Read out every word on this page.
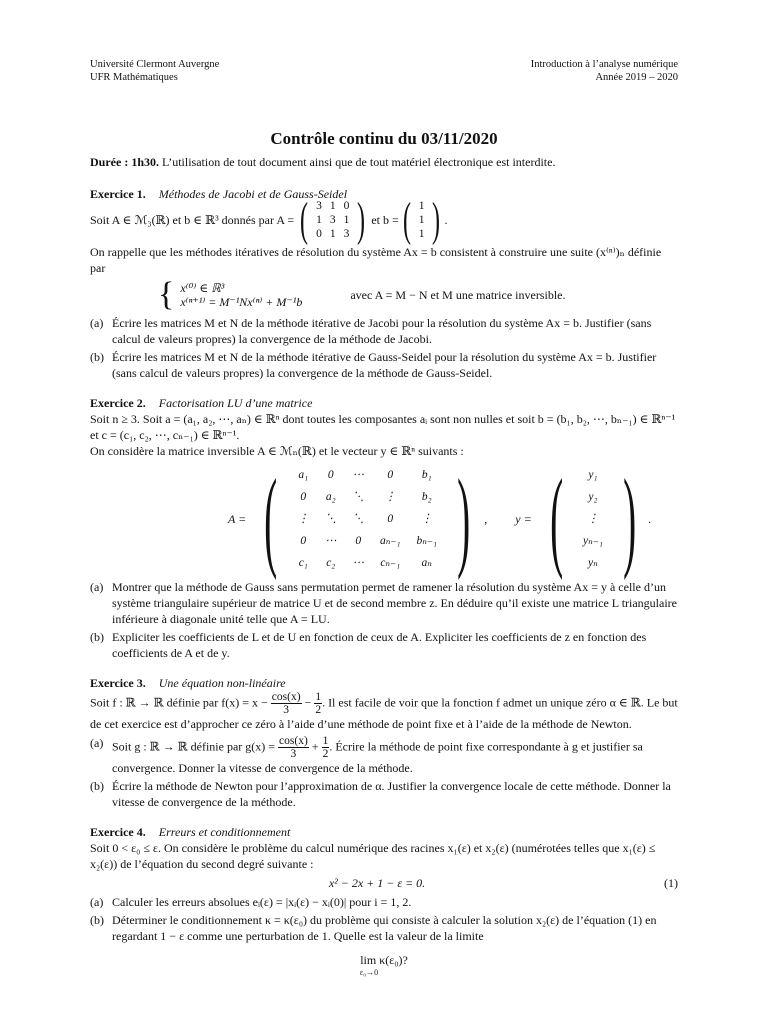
Université Clermont Auvergne
UFR Mathématiques
Introduction à l’analyse numérique
Année 2019 – 2020
Contrôle continu du 03/11/2020
Durée : 1h30. L’utilisation de tout document ainsi que de tout matériel électronique est interdite.
Exercice 1. Méthodes de Jacobi et de Gauss-Seidel
Soit A ∈ ℳ₃(ℝ) et b ∈ ℝ³ donnés par A = ( 3	1	0
1	3	1
0	1	3 ) et b = ( 1
1
1 ) .

On rappelle que les méthodes itératives de résolution du système Ax = b consistent à construire une suite (x⁽ⁿ⁾)ₙ définie par

{ x⁽⁰⁾ ∈ ℝ³
x⁽ⁿ⁺¹⁾ = M⁻¹Nx⁽ⁿ⁾ + M⁻¹b	avec A = M − N et M une matrice inversible.
(a) Écrire les matrices M et N de la méthode itérative de Jacobi pour la résolution du système Ax = b. Justifier (sans calcul de valeurs propres) la convergence de la méthode de Jacobi.
(b) Écrire les matrices M et N de la méthode itérative de Gauss-Seidel pour la résolution du système Ax = b. Justifier (sans calcul de valeurs propres) la convergence de la méthode de Gauss-Seidel.
Exercice 2. Factorisation LU d’une matrice

Soit n ≥ 3. Soit a = (a₁, a₂, ⋯, aₙ) ∈ ℝⁿ dont toutes les composantes aᵢ sont non nulles et soit b = (b₁, b₂, ⋯, bₙ₋₁) ∈ ℝⁿ⁻¹ et c = (c₁, c₂, ⋯, cₙ₋₁) ∈ ℝⁿ⁻¹.

On considère la matrice inversible A ∈ ℳₙ(ℝ) et le vecteur y ∈ ℝⁿ suivants :

A = ( a₁	0	⋯	0	b₁
0	a₂	⋱	⋮	b₂
⋮	⋱	⋱	0	⋮
0	⋯	0	aₙ₋₁	bₙ₋₁
c₁	c₂	⋯	cₙ₋₁	aₙ ) , y = ( y₁
y₂
⋮
yₙ₋₁
yₙ ) .
(a) Montrer que la méthode de Gauss sans permutation permet de ramener la résolution du système Ax = y à celle d’un système triangulaire supérieur de matrice U et de second membre z. En déduire qu’il existe une matrice L triangulaire inférieure à diagonale unité telle que A = LU.
(b) Expliciter les coefficients de L et de U en fonction de ceux de A. Expliciter les coefficients de z en fonction des coefficients de A et de y.
Exercice 3. Une équation non-linéaire

Soit f : ℝ → ℝ définie par $f(x) = x - \frac{\cos(x)}{3} - \frac{1}{2}$ . Il est facile de voir que la fonction f admet un unique zéro α ∈ ℝ. Le but de cet exercice est d’approcher ce zéro à l’aide d’une méthode de point fixe et à l’aide de la méthode de Newton.

(a) Soit g : ℝ → ℝ définie par $g(x) = \frac{\cos(x)}{3} + \frac{1}{2}$ . Écrire la méthode de point fixe correspondante à g et justifier sa convergence. Donner la vitesse de convergence de la méthode.
(b) Écrire la méthode de Newton pour l’approximation de α. Justifier la convergence locale de cette méthode. Donner la vitesse de convergence de la méthode.
Exercice 4. Erreurs et conditionnement

Soit 0 < ε₀ ≤ ε. On considère le problème du calcul numérique des racines x₁(ε) et x₂(ε) (numérotées telles que x₁(ε) ≤ x₂(ε)) de l’équation du second degré suivante :

x² − 2x + 1 − ε = 0.	(1)
(a) Calculer les erreurs absolues eᵢ(ε) = |xᵢ(ε) − xᵢ(0)| pour i = 1, 2.
(b) Déterminer le conditionnement κ = κ(ε₀) du problème qui consiste à calculer la solution x₂(ε) de l’équation (1) en regardant 1 − ε comme une perturbation de 1. Quelle est la valeur de la limite
lim κ(ε₀)?
ε₀→0
